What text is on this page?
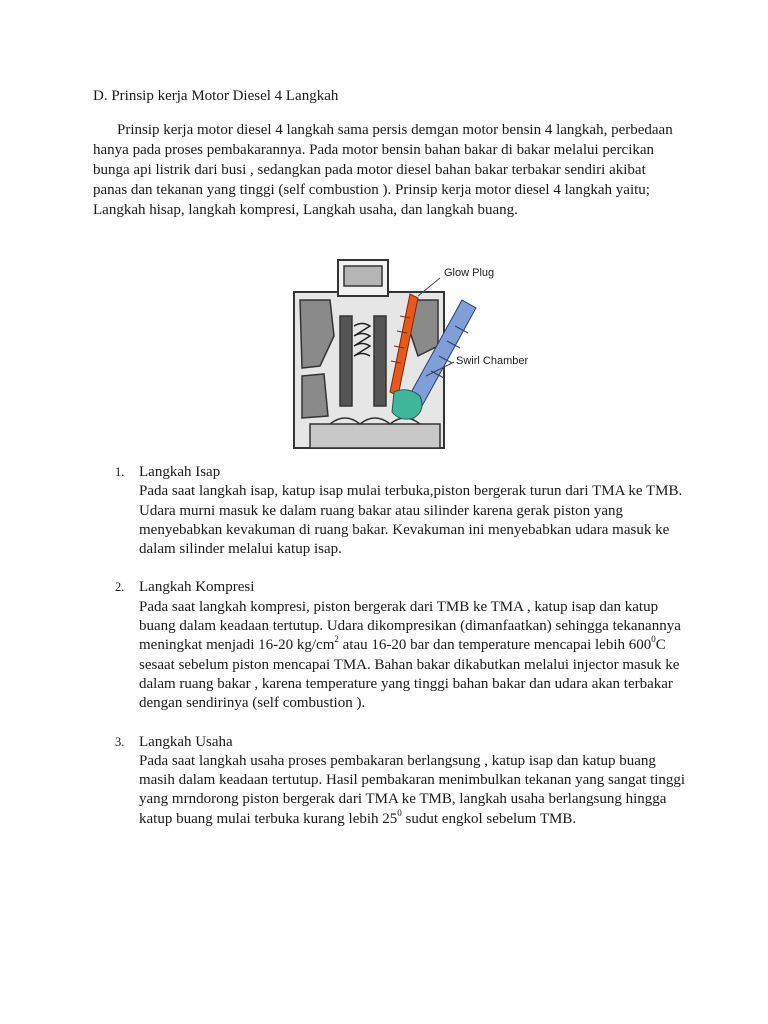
D. Prinsip kerja Motor Diesel 4 Langkah

Prinsip kerja motor diesel 4 langkah sama persis demgan motor bensin 4 langkah, perbedaan hanya pada proses pembakarannya. Pada motor bensin bahan bakar di bakar melalui percikan bunga api listrik dari busi , sedangkan pada motor diesel bahan bakar terbakar sendiri akibat panas dan tekanan yang tinggi (self combustion ). Prinsip kerja motor diesel 4 langkah yaitu; Langkah hisap, langkah kompresi, Langkah usaha, dan langkah buang.

Glow Plug
Swirl Chamber
1. Langkah Isap
Pada saat langkah isap, katup isap mulai terbuka,piston bergerak turun dari TMA ke TMB. Udara murni masuk ke dalam ruang bakar atau silinder karena gerak piston yang menyebabkan kevakuman di ruang bakar. Kevakuman ini menyebabkan udara masuk ke dalam silinder melalui katup isap.
2. Langkah Kompresi
Pada saat langkah kompresi, piston bergerak dari TMB ke TMA , katup isap dan katup buang dalam keadaan tertutup. Udara dikompresikan (dimanfaatkan) sehingga tekanannya meningkat menjadi 16-20 $kg/cm^2$ atau 16-20 bar dan temperature mencapai lebih $600^0C$ sesaat sebelum piston mencapai TMA. Bahan bakar dikabutkan melalui injector masuk ke dalam ruang bakar , karena temperature yang tinggi bahan bakar dan udara akan terbakar dengan sendirinya (self combustion ).
3. Langkah Usaha
Pada saat langkah usaha proses pembakaran berlangsung , katup isap dan katup buang masih dalam keadaan tertutup. Hasil pembakaran menimbulkan tekanan yang sangat tinggi yang mrndorong piston bergerak dari TMA ke TMB, langkah usaha berlangsung hingga katup buang mulai terbuka kurang lebih $25^0$ sudut engkol sebelum TMB.
